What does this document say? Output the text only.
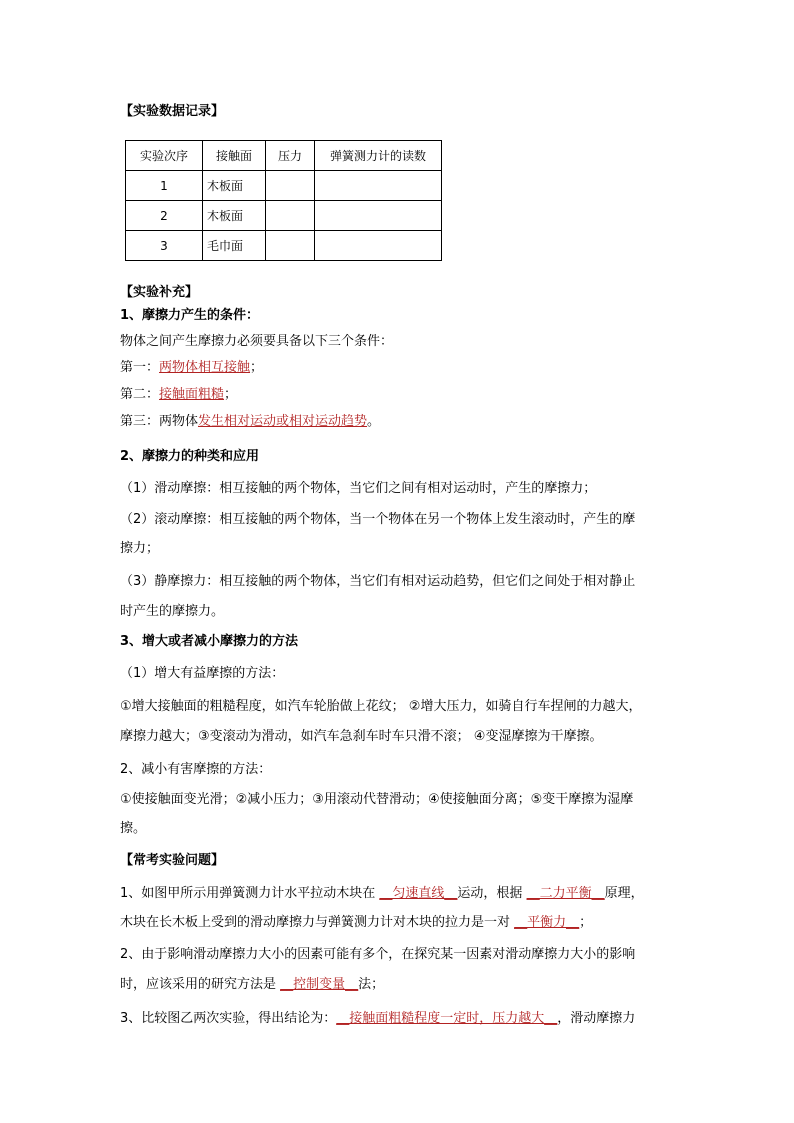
【实验数据记录】
实验次序	接触面	压力	弹簧测力计的读数
1	木板面		
2	木板面		
3	毛巾面		
【实验补充】
1、摩擦力产生的条件：
物体之间产生摩擦力必须要具备以下三个条件：
第一：两物体相互接触；
第二：接触面粗糙；
第三：两物体发生相对运动或相对运动趋势。
2、摩擦力的种类和应用
（1）滑动摩擦：相互接触的两个物体，当它们之间有相对运动时，产生的摩擦力；
（2）滚动摩擦：相互接触的两个物体，当一个物体在另一个物体上发生滚动时，产生的摩
擦力；
（3）静摩擦力：相互接触的两个物体，当它们有相对运动趋势，但它们之间处于相对静止
时产生的摩擦力。
3、增大或者减小摩擦力的方法
（1）增大有益摩擦的方法：
①增大接触面的粗糙程度，如汽车轮胎做上花纹； ②增大压力，如骑自行车捏闸的力越大，
摩擦力越大；③变滚动为滑动，如汽车急刹车时车只滑不滚； ④变湿摩擦为干摩擦。
2、减小有害摩擦的方法：
①使接触面变光滑；②减小压力；③用滚动代替滑动；④使接触面分离；⑤变干摩擦为湿摩
擦。
【常考实验问题】
1、如图甲所示用弹簧测力计水平拉动木块在 __匀速直线__运动，根据 __二力平衡__原理，
木块在长木板上受到的滑动摩擦力与弹簧测力计对木块的拉力是一对 __平衡力__；
2、由于影响滑动摩擦力大小的因素可能有多个，在探究某一因素对滑动摩擦力大小的影响
时，应该采用的研究方法是 __控制变量__法；
3、比较图乙两次实验，得出结论为：__接触面粗糙程度一定时，压力越大__，滑动摩擦力
